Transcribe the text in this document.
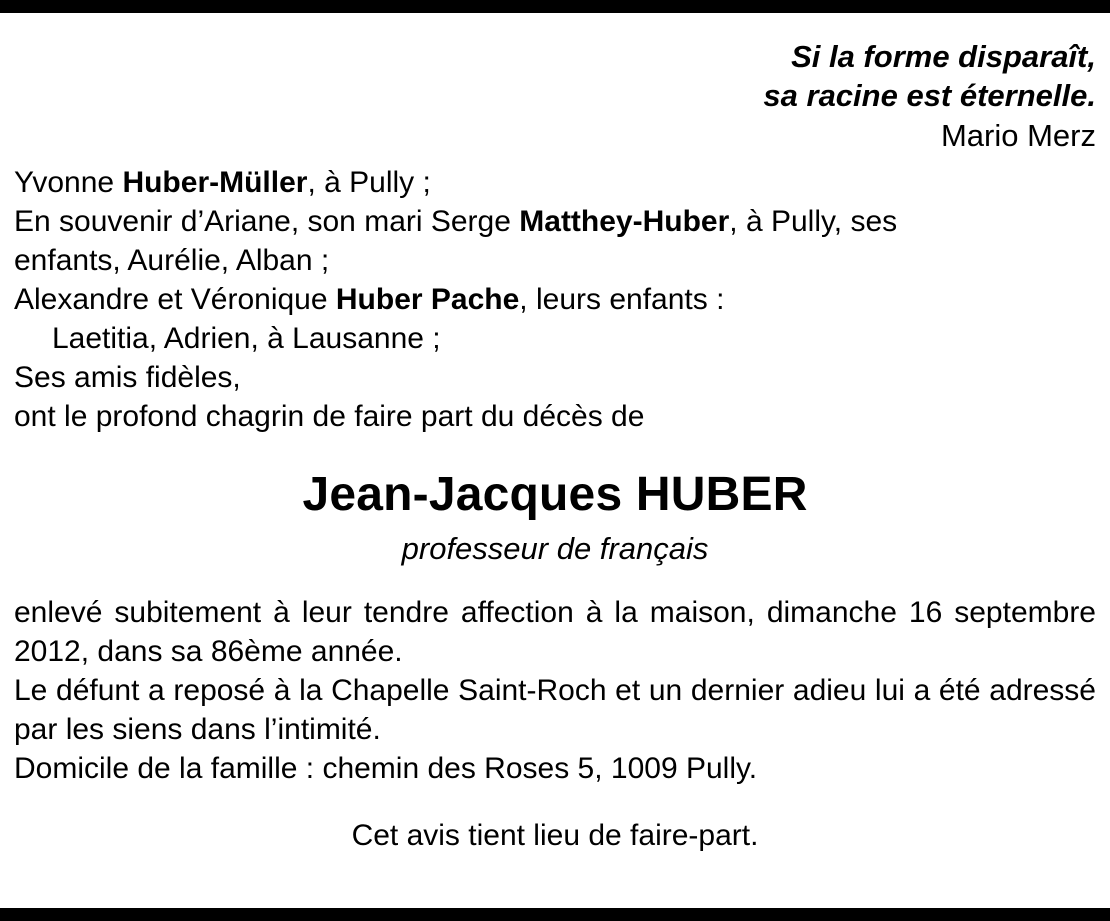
Si la forme disparaît,
sa racine est éternelle.
Mario Merz
Yvonne Huber-Müller, à Pully ;
En souvenir d’Ariane, son mari Serge Matthey-Huber, à Pully, ses
enfants, Aurélie, Alban ;
Alexandre et Véronique Huber Pache, leurs enfants :
Laetitia, Adrien, à Lausanne ;
Ses amis fidèles,
ont le profond chagrin de faire part du décès de
Jean-Jacques HUBER
professeur de français
enlevé subitement à leur tendre affection à la maison, dimanche 16 septembre 2012, dans sa 86ème année.
Le défunt a reposé à la Chapelle Saint-Roch et un dernier adieu lui a été adressé par les siens dans l’intimité.
Domicile de la famille : chemin des Roses 5, 1009 Pully.
Cet avis tient lieu de faire-part.
